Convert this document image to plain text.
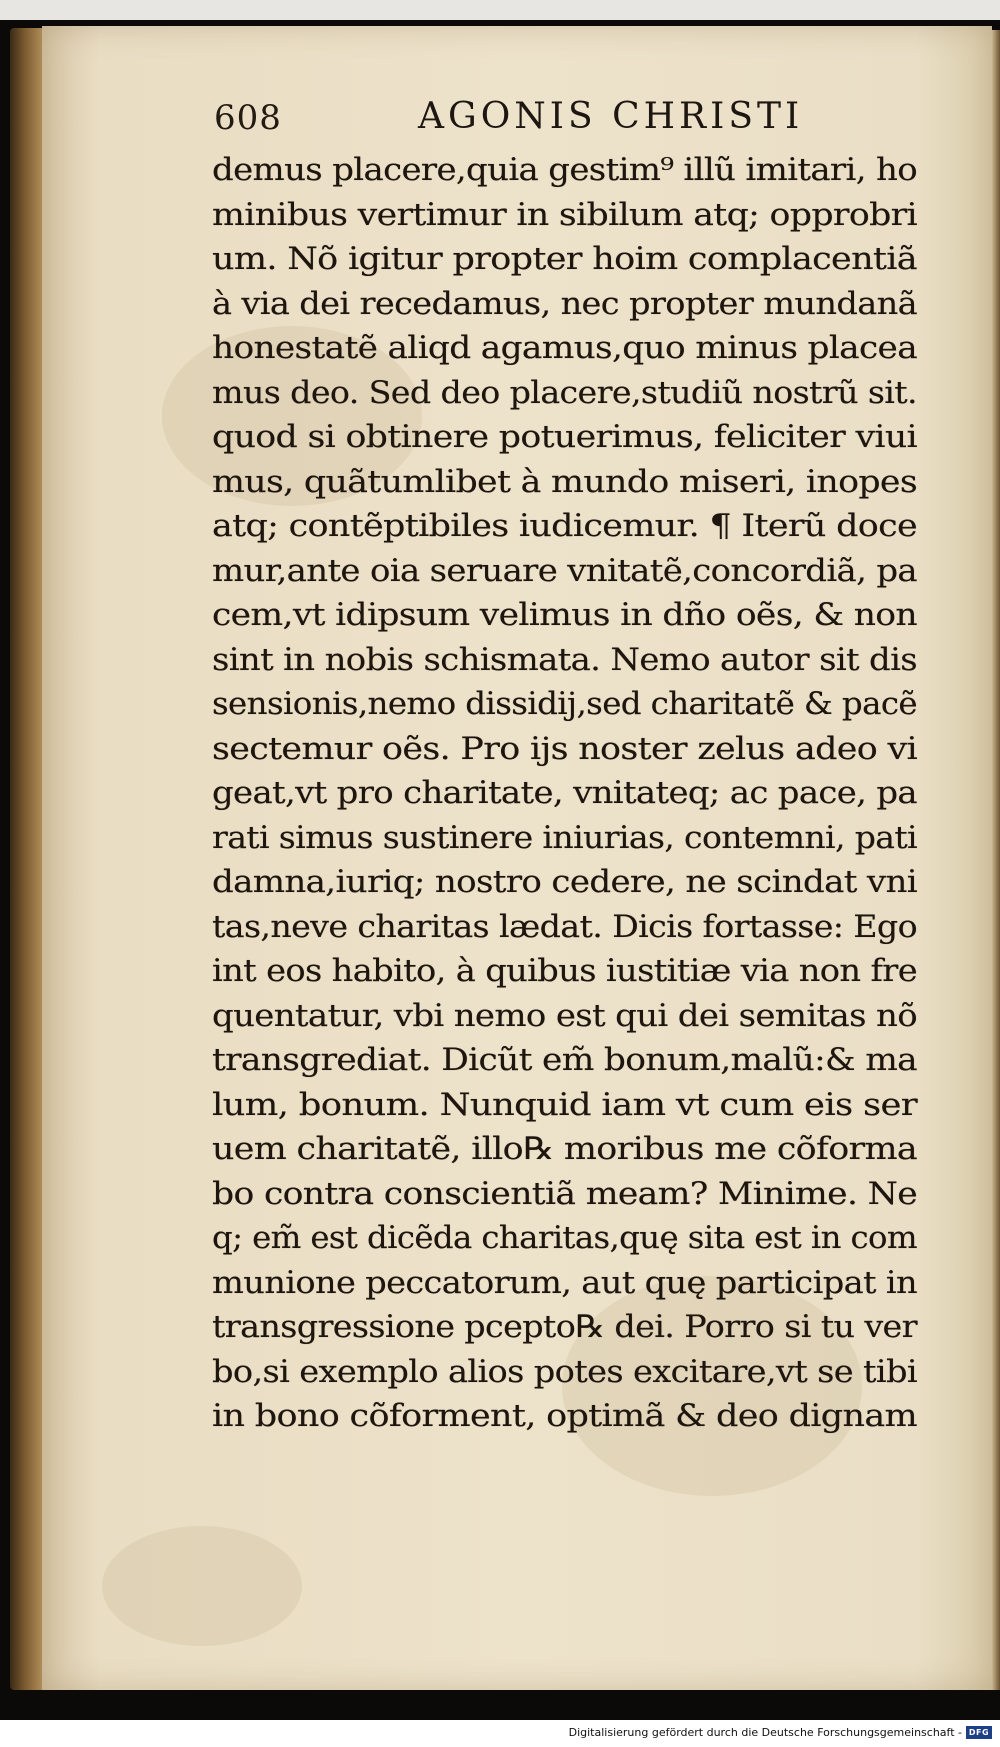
608	AGONIS CHRISTI
demus placere,quia gestim⁹ illũ imitari, ho
minibus vertimur in sibilum atq; opprobri
um. Nõ igitur propter hoim complacentiã
à via dei recedamus, nec propter mundanã
honestatẽ aliqd agamus,quo minus placea
mus deo. Sed deo placere,studiũ nostrũ sit.
quod si obtinere potuerimus, feliciter viui
mus, quãtumlibet à mundo miseri, inopes
atq; contẽptibiles iudicemur. ¶ Iterũ doce
mur,ante oia seruare vnitatẽ,concordiã, pa
cem,vt idipsum velimus in dño oẽs, & non
sint in nobis schismata. Nemo autor sit dis
sensionis,nemo dissidij,sed charitatẽ & pacẽ
sectemur oẽs. Pro ijs noster zelus adeo vi
geat,vt pro charitate, vnitateq; ac pace, pa
rati simus sustinere iniurias, contemni, pati
damna,iuriq; nostro cedere, ne scindat vni
tas,neve charitas lædat. Dicis fortasse: Ego
int eos habito, à quibus iustitiæ via non fre
quentatur, vbi nemo est qui dei semitas nõ
transgrediat. Dicũt em̃ bonum,malũ:& ma
lum, bonum. Nunquid iam vt cum eis ser
uem charitatẽ, illo℞ moribus me cõforma
bo contra conscientiã meam? Minime. Ne
q; em̃ est dicẽda charitas,quę sita est in com
munione peccatorum, aut quę participat in
transgressione pcepto℞ dei. Porro si tu ver
bo,si exemplo alios potes excitare,vt se tibi
in bono cõforment, optimã & deo dignam
Digitalisierung gefördert durch die Deutsche Forschungsgemeinschaft - DFG
